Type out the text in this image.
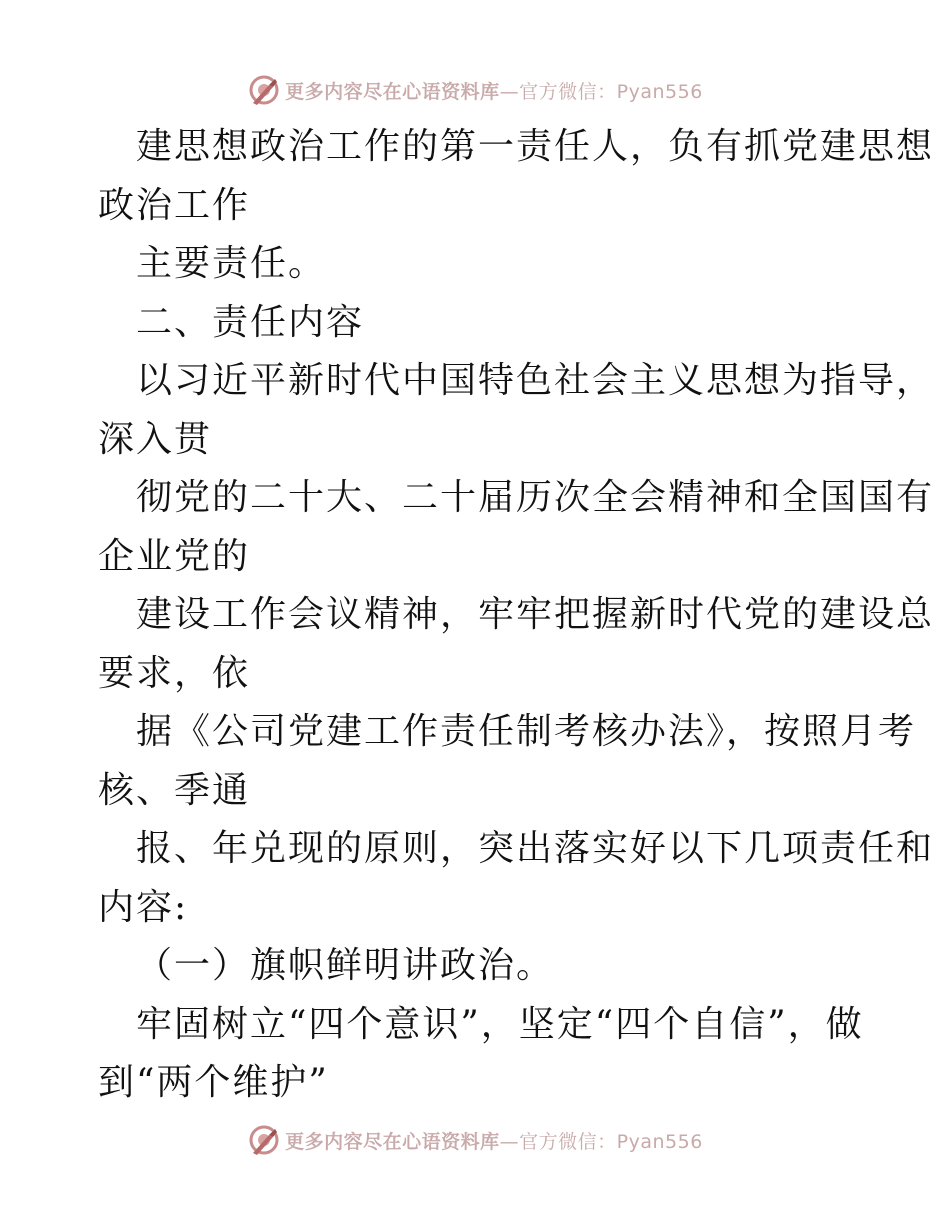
更多内容尽在心语资料库—官方微信：Pyan556
建思想政治工作的第一责任人，负有抓党建思想
政治工作
主要责任。
二、责任内容
以习近平新时代中国特色社会主义思想为指导，
深入贯
彻党的二十大、二十届历次全会精神和全国国有
企业党的
建设工作会议精神，牢牢把握新时代党的建设总
要求，依
据《公司党建工作责任制考核办法》，按照月考
核、季通
报、年兑现的原则，突出落实好以下几项责任和
内容:
（一）旗帜鲜明讲政治。
牢固树立“四个意识”，坚定“四个自信”，做
到“两个维护”
更多内容尽在心语资料库—官方微信：Pyan556
